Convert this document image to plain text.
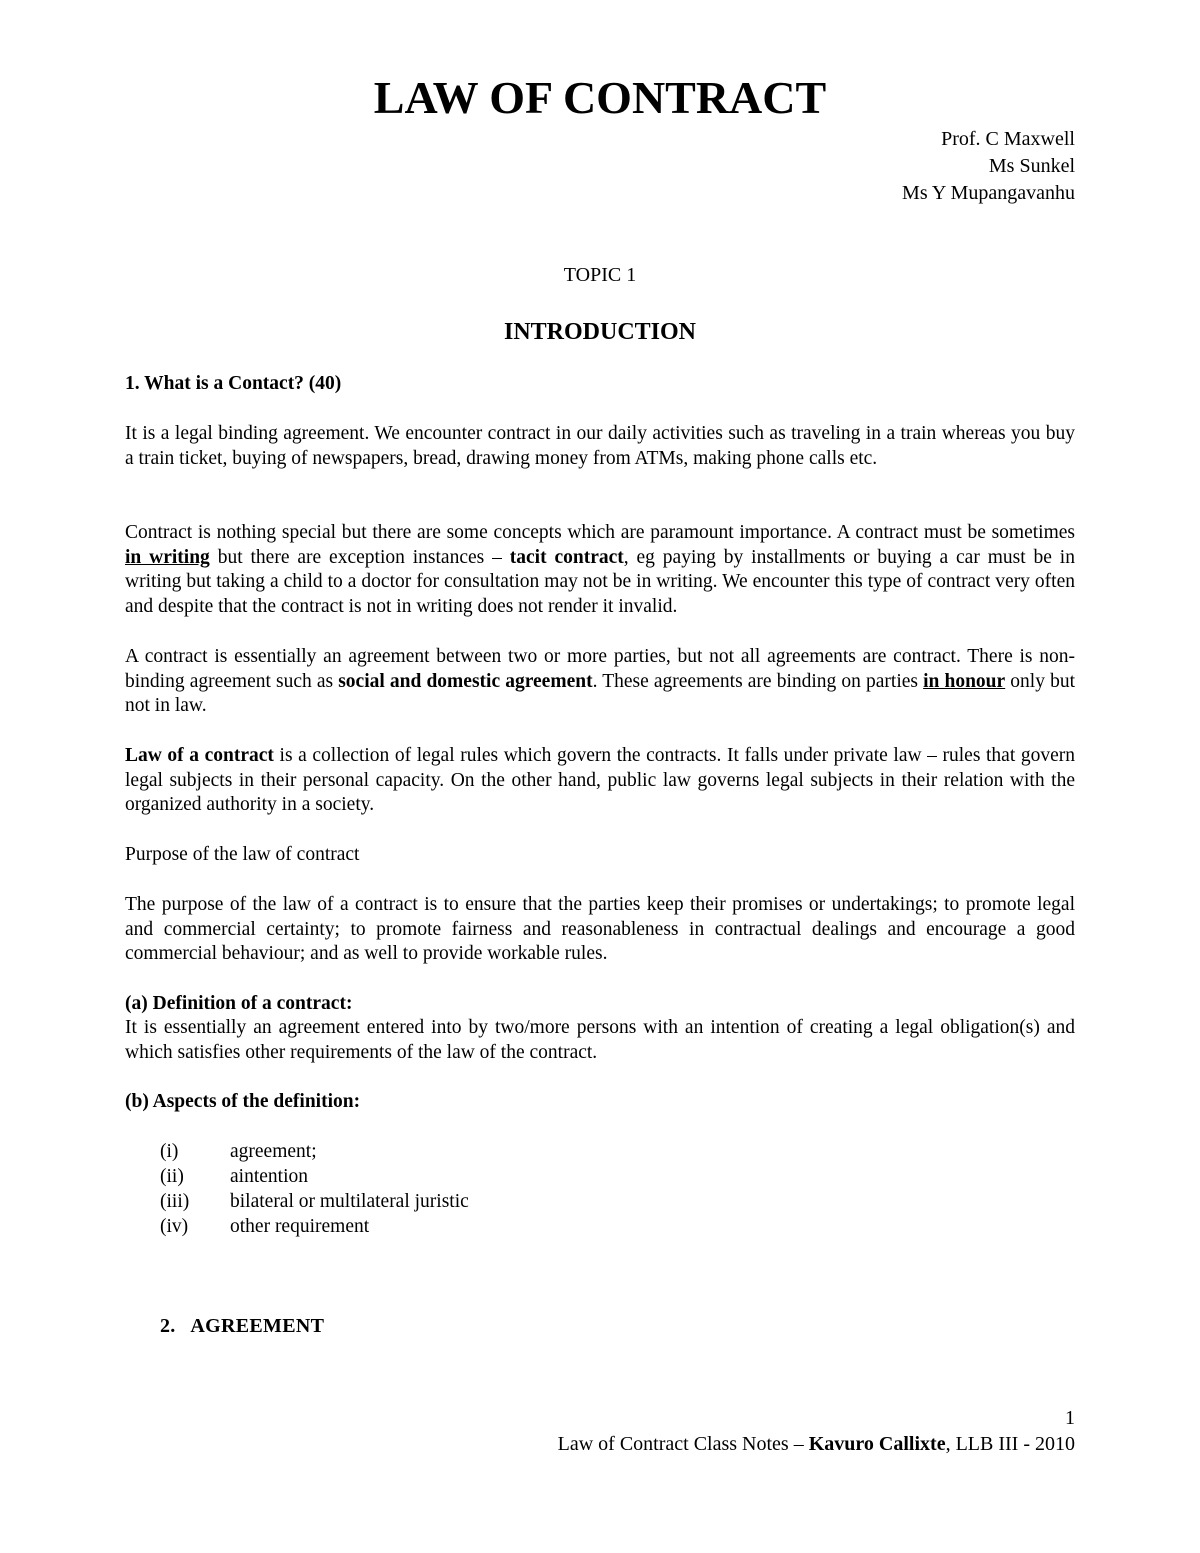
LAW OF CONTRACT
Prof. C Maxwell
Ms Sunkel
Ms Y Mupangavanhu
TOPIC 1
INTRODUCTION
1. What is a Contact? (40)

It is a legal binding agreement. We encounter contract in our daily activities such as traveling in a train whereas you buy a train ticket, buying of newspapers, bread, drawing money from ATMs, making phone calls etc.

Contract is nothing special but there are some concepts which are paramount importance. A contract must be sometimes in writing but there are exception instances – tacit contract, eg paying by installments or buying a car must be in writing but taking a child to a doctor for consultation may not be in writing. We encounter this type of contract very often and despite that the contract is not in writing does not render it invalid.

A contract is essentially an agreement between two or more parties, but not all agreements are contract. There is non-binding agreement such as social and domestic agreement. These agreements are binding on parties in honour only but not in law.

Law of a contract is a collection of legal rules which govern the contracts. It falls under private law – rules that govern legal subjects in their personal capacity. On the other hand, public law governs legal subjects in their relation with the organized authority in a society.

Purpose of the law of contract

The purpose of the law of a contract is to ensure that the parties keep their promises or undertakings; to promote legal and commercial certainty; to promote fairness and reasonableness in contractual dealings and encourage a good commercial behaviour; and as well to provide workable rules.

(a) Definition of a contract:

It is essentially an agreement entered into by two/more persons with an intention of creating a legal obligation(s) and which satisfies other requirements of the law of the contract.

(b) Aspects of the definition:
(i)	agreement;
(ii) aintention
(iii) bilateral or multilateral juristic
(iv) other requirement
2.   AGREEMENT
1
Law of Contract Class Notes – Kavuro Callixte, LLB III - 2010
